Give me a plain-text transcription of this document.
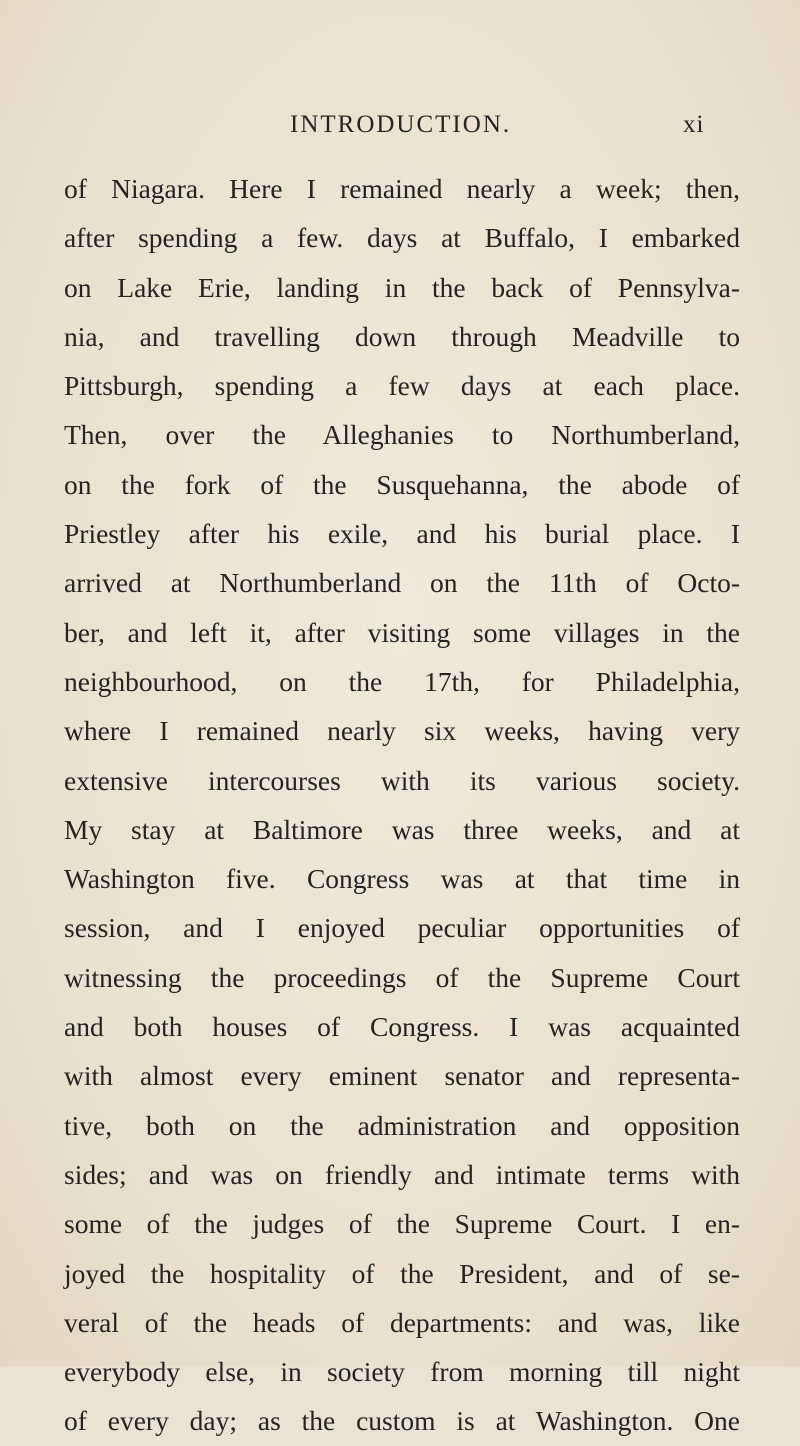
INTRODUCTION.	xi
of Niagara. Here I remained nearly a week; then,
after spending a few. days at Buffalo, I embarked
on Lake Erie, landing in the back of Pennsylva-
nia, and travelling down through Meadville to
Pittsburgh, spending a few days at each place.
Then, over the Alleghanies to Northumberland,
on the fork of the Susquehanna, the abode of
Priestley after his exile, and his burial place. I
arrived at Northumberland on the 11th of Octo-
ber, and left it, after visiting some villages in the
neighbourhood, on the 17th, for Philadelphia,
where I remained nearly six weeks, having very
extensive intercourses with its various society.
My stay at Baltimore was three weeks, and at
Washington five. Congress was at that time in
session, and I enjoyed peculiar opportunities of
witnessing the proceedings of the Supreme Court
and both houses of Congress. I was acquainted
with almost every eminent senator and representa-
tive, both on the administration and opposition
sides; and was on friendly and intimate terms with
some of the judges of the Supreme Court. I en-
joyed the hospitality of the President, and of se-
veral of the heads of departments: and was, like
everybody else, in society from morning till night
of every day; as the custom is at Washington. One
